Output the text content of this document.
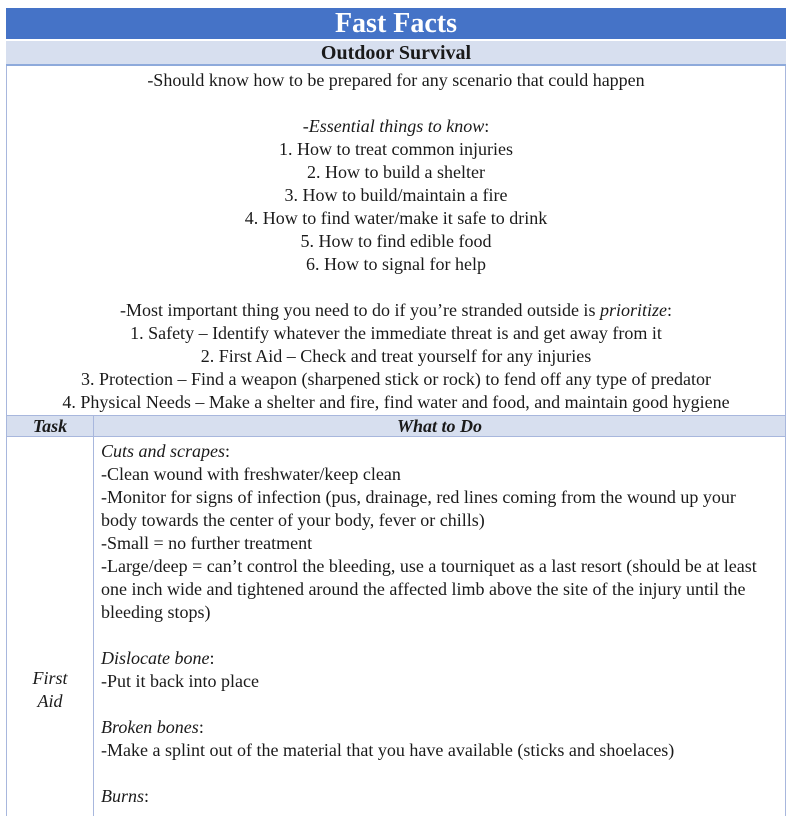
Fast Facts
Outdoor Survival
-Should know how to be prepared for any scenario that could happen

-Essential things to know:
1. How to treat common injuries
2. How to build a shelter
3. How to build/maintain a fire
4. How to find water/make it safe to drink
5. How to find edible food
6. How to signal for help

-Most important thing you need to do if you’re stranded outside is prioritize:
1. Safety – Identify whatever the immediate threat is and get away from it
2. First Aid – Check and treat yourself for any injuries
3. Protection – Find a weapon (sharpened stick or rock) to fend off any type of predator
4. Physical Needs – Make a shelter and fire, find water and food, and maintain good hygiene
Task	What to Do
First
Aid
Cuts and scrapes:
-Clean wound with freshwater/keep clean
-Monitor for signs of infection (pus, drainage, red lines coming from the wound up your body towards the center of your body, fever or chills)
-Small = no further treatment
-Large/deep = can’t control the bleeding, use a tourniquet as a last resort (should be at least one inch wide and tightened around the affected limb above the site of the injury until the bleeding stops)
Dislocate bone:
-Put it back into place
Broken bones:
-Make a splint out of the material that you have available (sticks and shoelaces)
Burns:
